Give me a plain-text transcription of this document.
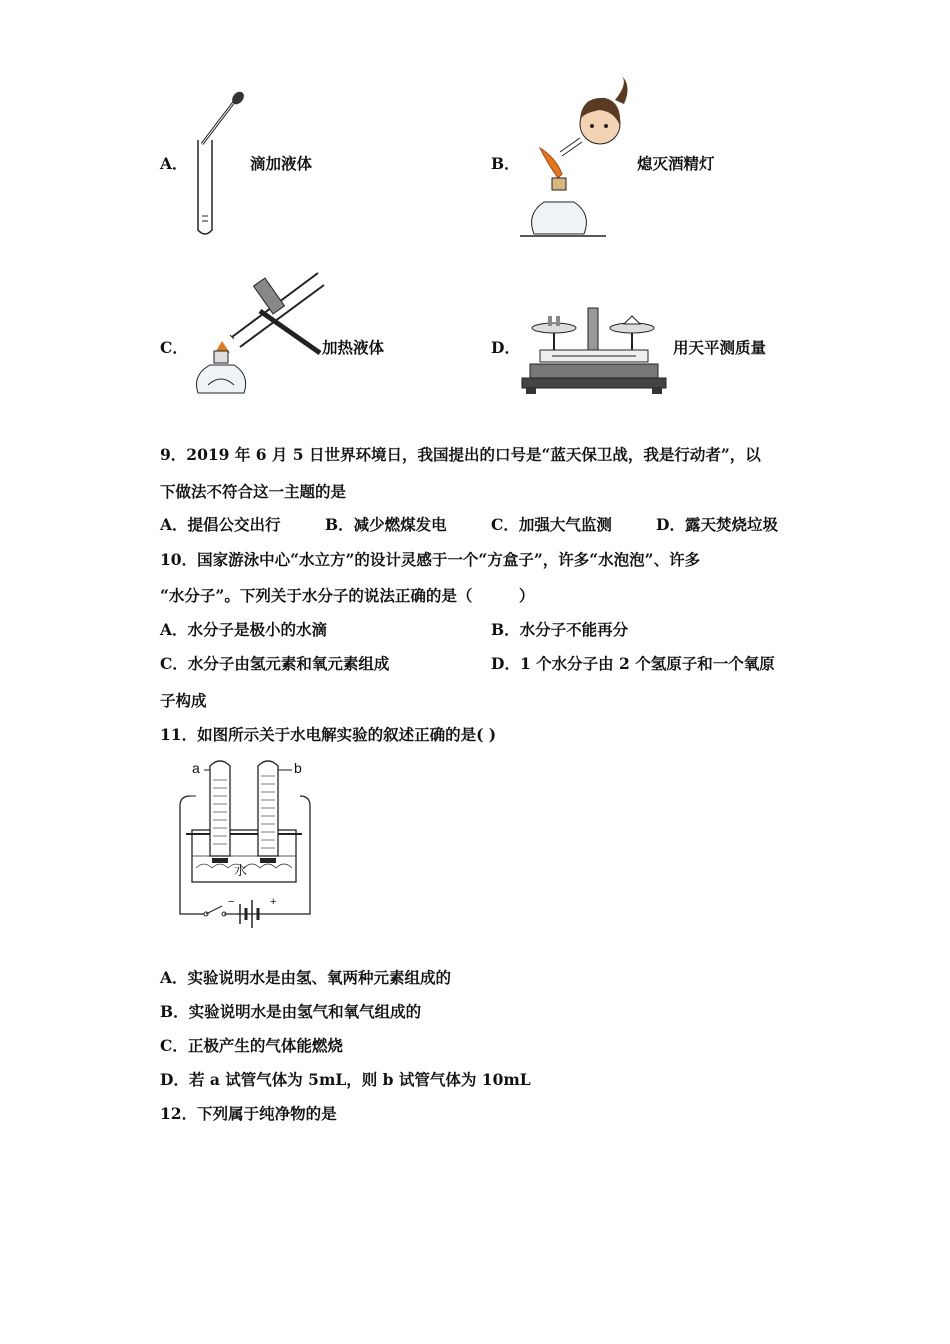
A．	滴加液体	B．	熄灭酒精灯
C．	加热液体	D．	用天平测质量
9．2019 年 6 月 5 日世界环境日，我国提出的口号是“蓝天保卫战，我是行动者”，以
下做法不符合这一主题的是
A．提倡公交出行	B．减少燃煤发电	C．加强大气监测	D．露天焚烧垃圾
10．国家游泳中心“水立方”的设计灵感于一个“方盒子”，许多“水泡泡”、许多
“水分子”。下列关于水分子的说法正确的是（　　　）
A．水分子是极小的水滴	B．水分子不能再分
C．水分子由氢元素和氧元素组成	D．1 个水分子由 2 个氢原子和一个氧原
子构成
11．如图所示关于水电解实验的叙述正确的是( )
a	b
水
−	+
A．实验说明水是由氢、氧两种元素组成的
B．实验说明水是由氢气和氧气组成的
C．正极产生的气体能燃烧
D．若 a 试管气体为 5mL，则 b 试管气体为 10mL
12．下列属于纯净物的是
